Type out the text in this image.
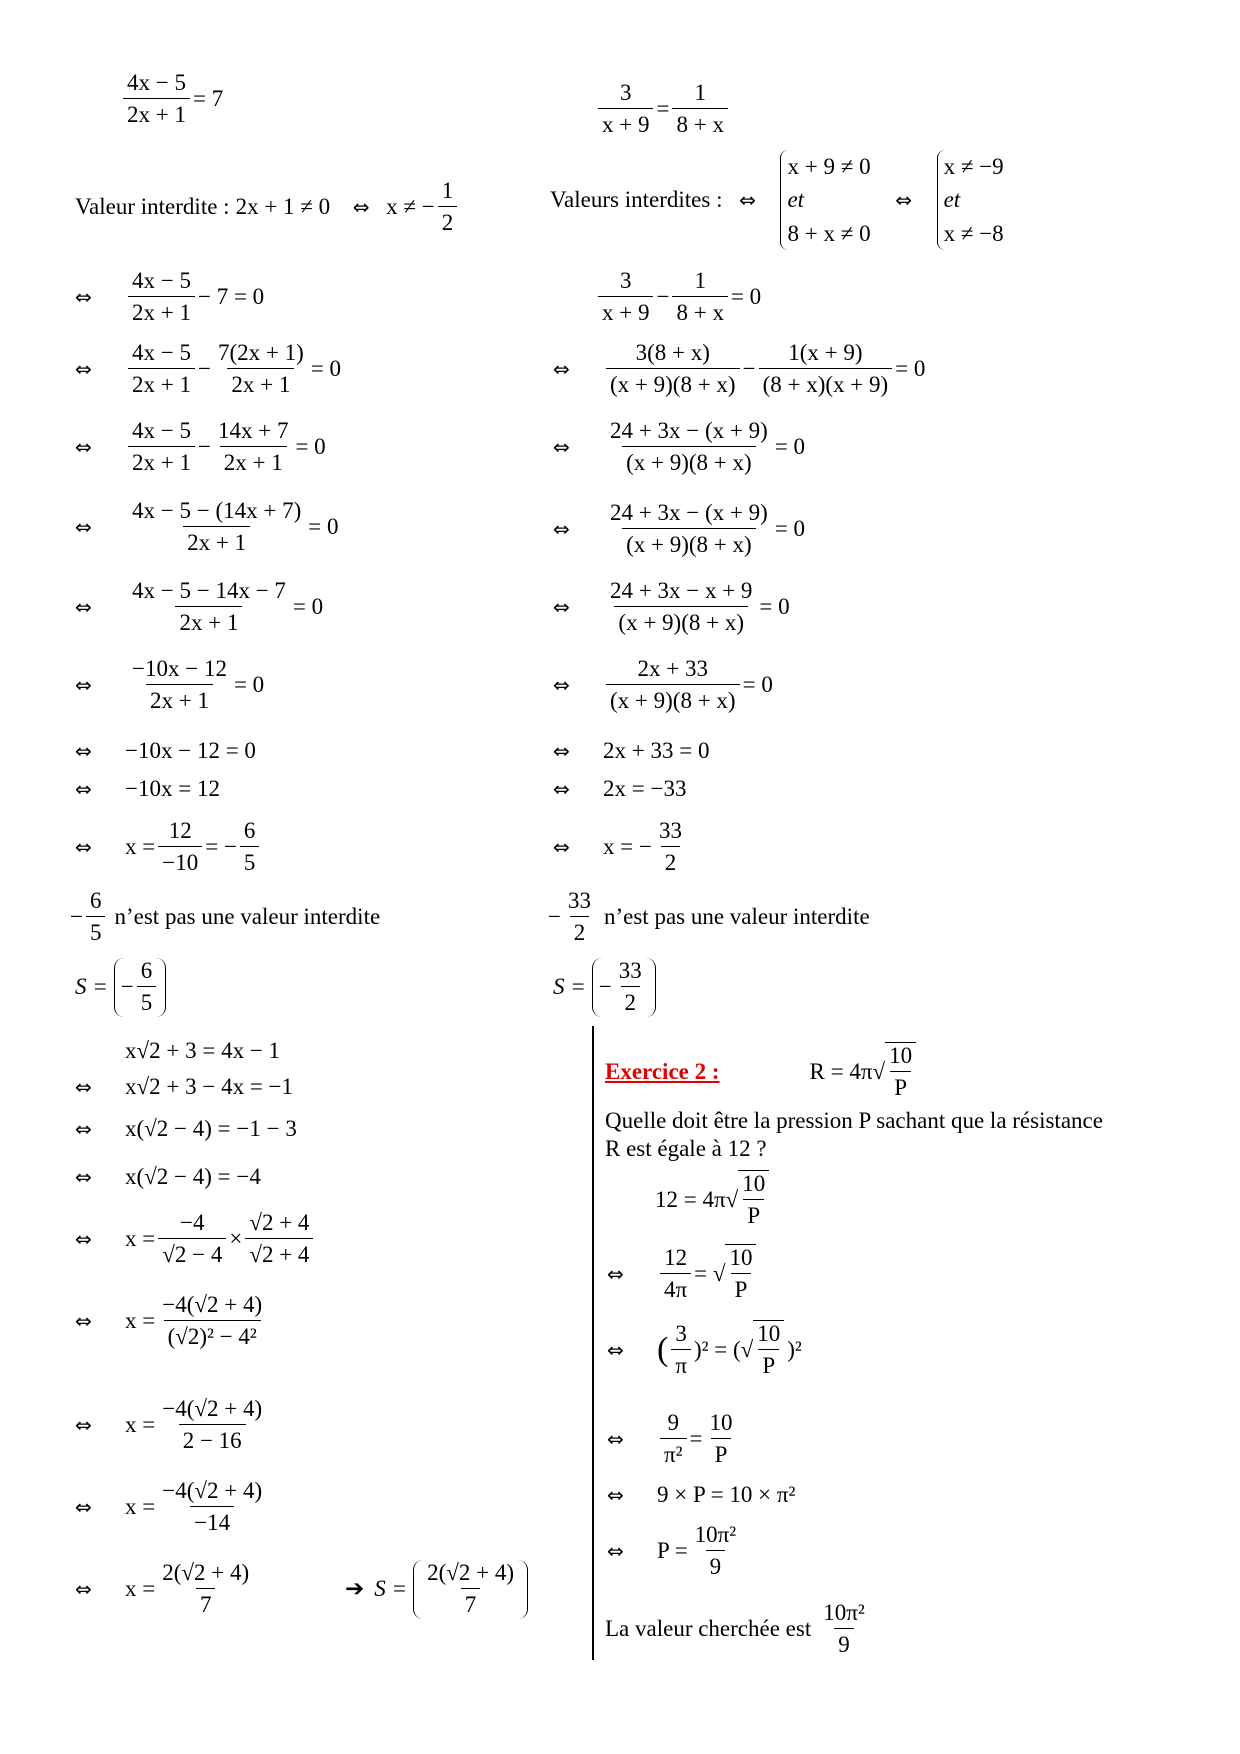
$\frac{4x - 5}{2x + 1} = 7$
Valeur interdite : 2x + 1 ≠ 0	⇔ x ≠ − $\frac{1}{2}$
⇔	$\frac{4x - 5}{2x + 1} - 7 = 0$
⇔	$\frac{4x - 5}{2x + 1} - \frac{7(2x + 1)}{2x + 1} = 0$
⇔	$\frac{4x - 5}{2x + 1} - \frac{14x + 7}{2x + 1} = 0$
⇔	$\frac{4x - 5 - (14x + 7)}{2x + 1} = 0$
⇔	$\frac{4x - 5 - 14x - 7}{2x + 1} = 0$
⇔	$\frac{-10x - 12}{2x + 1} = 0$
⇔	−10x − 12 = 0
⇔	−10x = 12
⇔	$x = \frac{12}{-10}$ = − $\frac{6}{5}$
− $\frac{6}{5}$ n’est pas une valeur interdite
S = − $\frac{6}{5}$
$\frac{3}{x + 9} = \frac{1}{8 + x}$
Valeurs interdites : ⇔
x + 9 ≠ 0
et
8 + x ≠ 0
⇔
x ≠ −9
et
x ≠ −8
$\frac{3}{x + 9} - \frac{1}{8 + x} = 0$
⇔	$\frac{3(8 + x)}{(x + 9)(8 + x)} - \frac{1(x + 9)}{(8 + x)(x + 9)} = 0$
⇔	$\frac{24 + 3x - (x + 9)}{(x + 9)(8 + x)} = 0$
⇔	$\frac{24 + 3x - (x + 9)}{(x + 9)(8 + x)} = 0$
⇔	$\frac{24 + 3x - x + 9}{(x + 9)(8 + x)} = 0$
⇔	$\frac{2x + 33}{(x + 9)(8 + x)} = 0$
⇔	2x + 33 = 0
⇔	2x = −33
⇔	x = − $\frac{33}{2}$
− $\frac{33}{2}$ n’est pas une valeur interdite
S = − $\frac{33}{2}$
x√2 + 3 = 4x − 1
⇔	x√2 + 3 − 4x = −1
⇔	x(√2 − 4) = −1 − 3
⇔	x(√2 − 4) = −4
⇔	$x = \frac{-4}{√2 - 4} \times \frac{√2 + 4}{√2 + 4}$
⇔	$x = \frac{-4(√2 + 4)}{\text{(√2)² − 4²}}$
⇔	$x = \frac{-4(√2 + 4)}{2 - 16}$
⇔	$x = \frac{-4(√2 + 4)}{-14}$
⇔	$x = \frac{2(√2 + 4)}{7}$	➔ $S = \frac{2(√2 + 4)}{7}$
Exercice 2 :	$R = 4\pi√ \frac{10}{P}$
Quelle doit être la pression P sachant que la résistance
R est égale à 12 ?
$12 = 4\pi√ \frac{10}{P}$
⇔	$\frac{12}{4\pi}$ = √ $\frac{10}{P}$
⇔ ( $\frac{3}{\pi} )^2$ = (√ $\frac{10}{P} )^2$
⇔	$\frac{9}{\text{π²}} = \frac{10}{P}$
⇔	9 × P = 10 × π²
⇔	$P = \frac{\text{10π²}}{9}$
La valeur cherchée est $\frac{\text{10π²}}{9}$
